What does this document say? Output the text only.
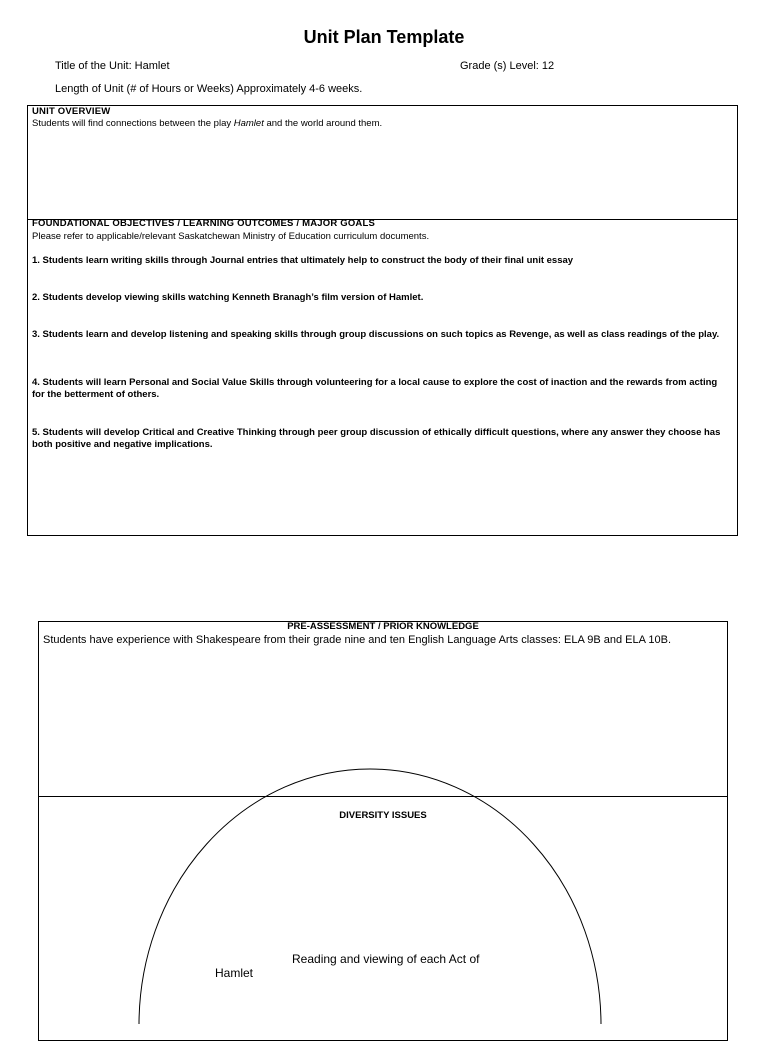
Unit Plan Template
Title of the Unit: Hamlet	Grade (s) Level: 12
Length of Unit (# of Hours or Weeks) Approximately 4-6 weeks.
UNIT OVERVIEW
Students will find connections between the play Hamlet and the world around them.
FOUNDATIONAL OBJECTIVES / LEARNING OUTCOMES / MAJOR GOALS
Please refer to applicable/relevant Saskatchewan Ministry of Education curriculum documents.
1. Students learn writing skills through Journal entries that ultimately help to construct the body of their final unit essay
2. Students develop viewing skills watching Kenneth Branagh’s film version of Hamlet.
3. Students learn and develop listening and speaking skills through group discussions on such topics as Revenge, as well as class readings of the play.
4. Students will learn Personal and Social Value Skills through volunteering for a local cause to explore the cost of inaction and the rewards from acting for the betterment of others.
5. Students will develop Critical and Creative Thinking through peer group discussion of ethically difficult questions, where any answer they choose has both positive and negative implications.
PRE-ASSESSMENT / PRIOR KNOWLEDGE
Students have experience with Shakespeare from their grade nine and ten English Language Arts classes: ELA 9B and ELA 10B.
DIVERSITY ISSUES
Reading and viewing of each Act of
Hamlet
